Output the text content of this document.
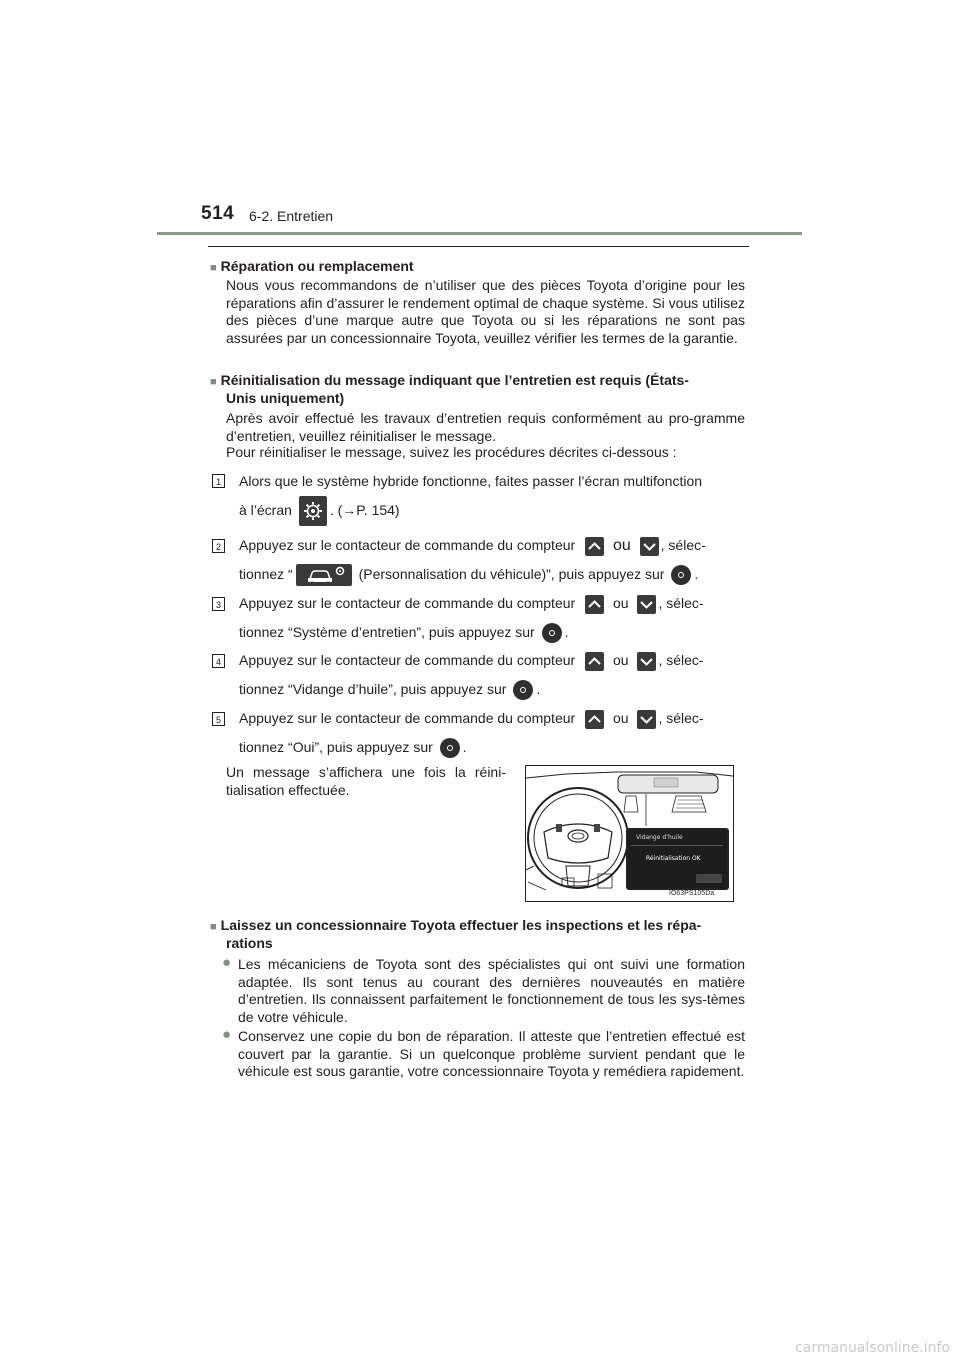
514 6-2. Entretien
■ Réparation ou remplacement
Nous vous recommandons de n’utiliser que des pièces Toyota d’origine pour les réparations afin d’assurer le rendement optimal de chaque système. Si vous utilisez des pièces d’une marque autre que Toyota ou si les réparations ne sont pas assurées par un concessionnaire Toyota, veuillez vérifier les termes de la garantie.
■ Réinitialisation du message indiquant que l’entretien est requis (États-
Unis uniquement)
Après avoir effectué les travaux d’entretien requis conformément au pro-gramme d’entretien, veuillez réinitialiser le message.
Pour réinitialiser le message, suivez les procédures décrites ci-dessous :
1 Alors que le système hybride fonctionne, faites passer l’écran multifonction
à l’écran	. (→P. 154)
2 Appuyez sur le contacteur de commande du compteur ou , sélec-
tionnez “	(Personnalisation du véhicule)”, puis appuyez sur .
3 Appuyez sur le contacteur de commande du compteur	ou , sélec-
tionnez “Système d’entretien”, puis appuyez sur .
4 Appuyez sur le contacteur de commande du compteur	ou , sélec-
tionnez “Vidange d’huile”, puis appuyez sur .
5 Appuyez sur le contacteur de commande du compteur	ou , sélec-
tionnez “Oui”, puis appuyez sur .
Un message s’affichera une fois la réini-tialisation effectuée.
Vidange d’huile
Réinitialisation OK
IO63PS105Da
■ Laissez un concessionnaire Toyota effectuer les inspections et les répa-
rations
● Les mécaniciens de Toyota sont des spécialistes qui ont suivi une formation adaptée. Ils sont tenus au courant des dernières nouveautés en matière d’entretien. Ils connaissent parfaitement le fonctionnement de tous les sys-tèmes de votre véhicule.
● Conservez une copie du bon de réparation. Il atteste que l’entretien effectué est couvert par la garantie. Si un quelconque problème survient pendant que le véhicule est sous garantie, votre concessionnaire Toyota y remédiera rapidement.
carmanualsonline.info
